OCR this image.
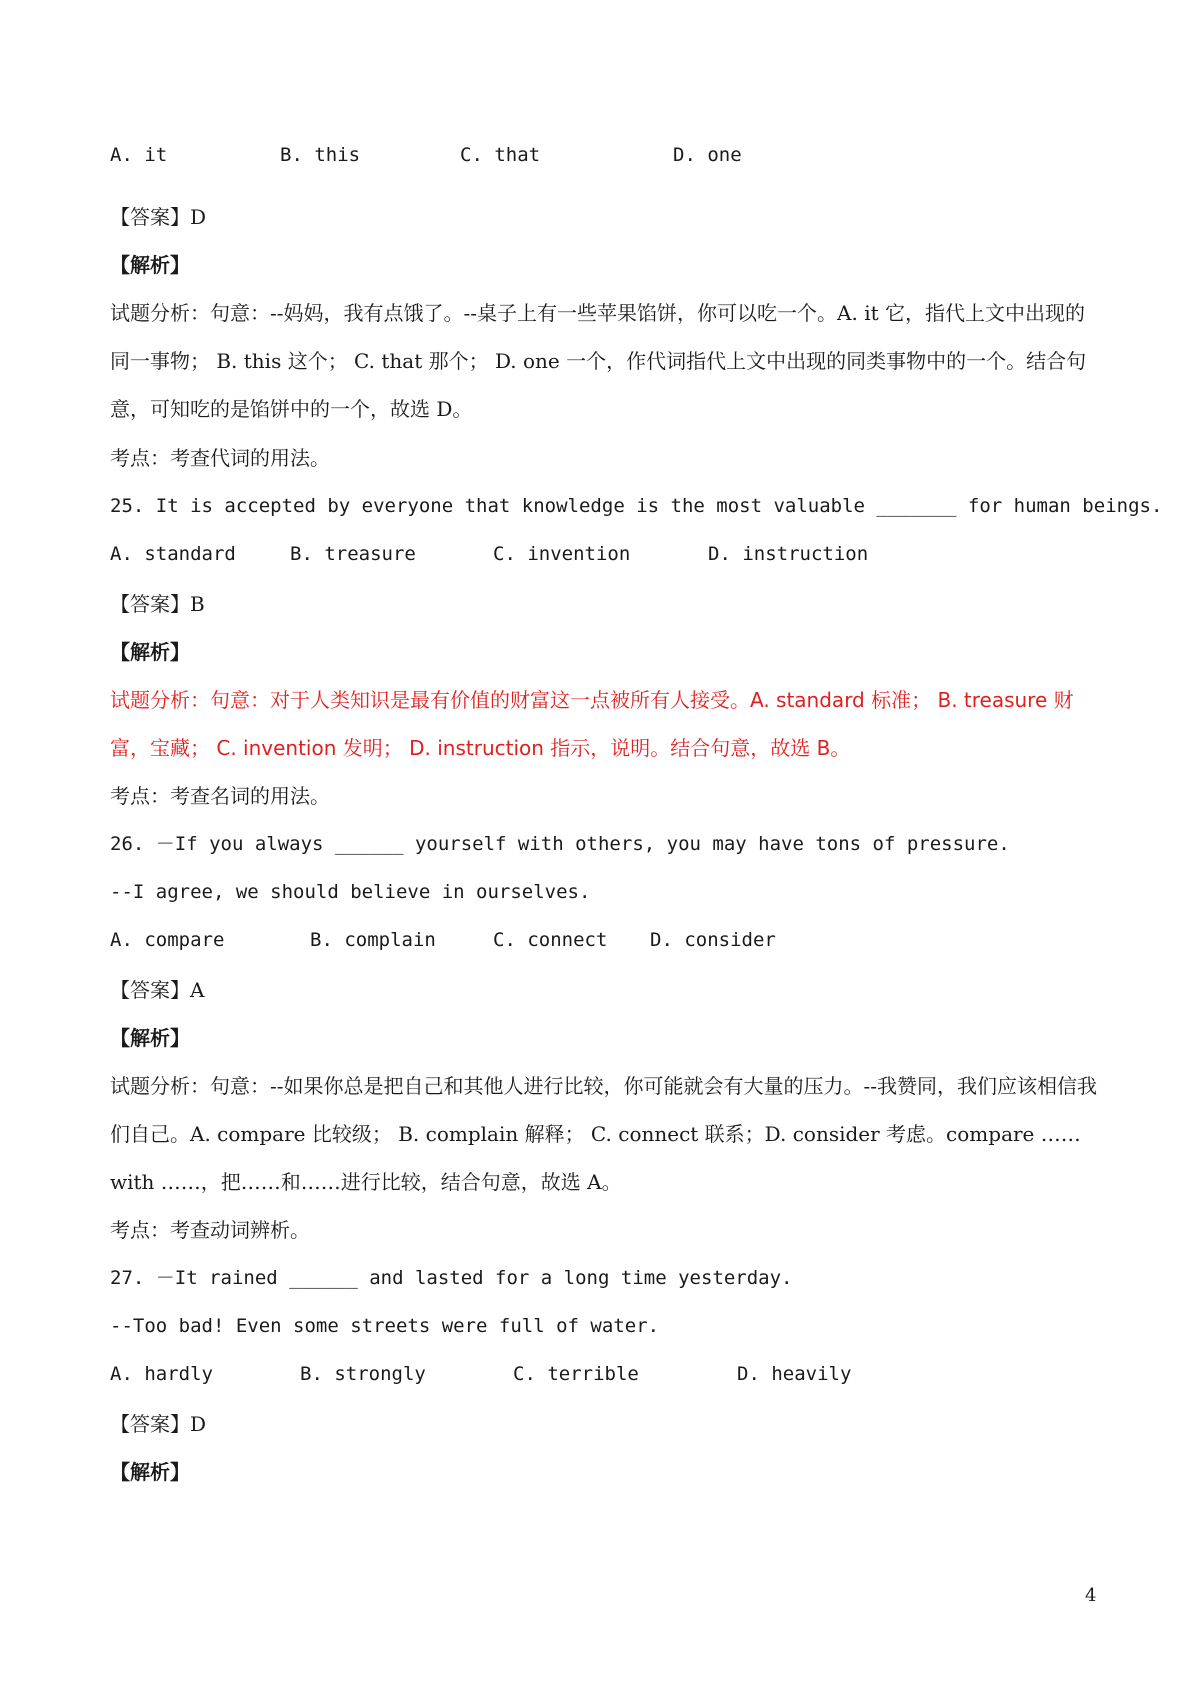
A. it	B. this	C. that	D. one
【答案】D
【解析】
试题分析：句意：--妈妈，我有点饿了。--桌子上有一些苹果馅饼，你可以吃一个。A. it 它，指代上文中出现的同一事物； B. this 这个； C. that 那个； D. one 一个，作代词指代上文中出现的同类事物中的一个。结合句意，可知吃的是馅饼中的一个，故选 D。
考点：考查代词的用法。
25. It is accepted by everyone that knowledge is the most valuable _______ for human beings.
A. standard	B. treasure	C. invention	D. instruction
【答案】B
【解析】
试题分析：句意：对于人类知识是最有价值的财富这一点被所有人接受。A. standard 标准； B. treasure 财富，宝藏； C. invention 发明； D. instruction 指示，说明。结合句意，故选 B。
考点：考查名词的用法。
26. －If you always ______ yourself with others, you may have tons of pressure.
--I agree, we should believe in ourselves.
A. compare	B. complain	C. connect D. consider
【答案】A
【解析】
试题分析：句意：--如果你总是把自己和其他人进行比较，你可能就会有大量的压力。--我赞同，我们应该相信我们自己。A. compare 比较级； B. complain 解释； C. connect 联系；D. consider 考虑。compare ……with ……，把……和……进行比较，结合句意，故选 A。
考点：考查动词辨析。
27. －It rained ______ and lasted for a long time yesterday.
--Too bad! Even some streets were full of water.
A. hardly	B. strongly	C. terrible	D. heavily
【答案】D
【解析】
4
